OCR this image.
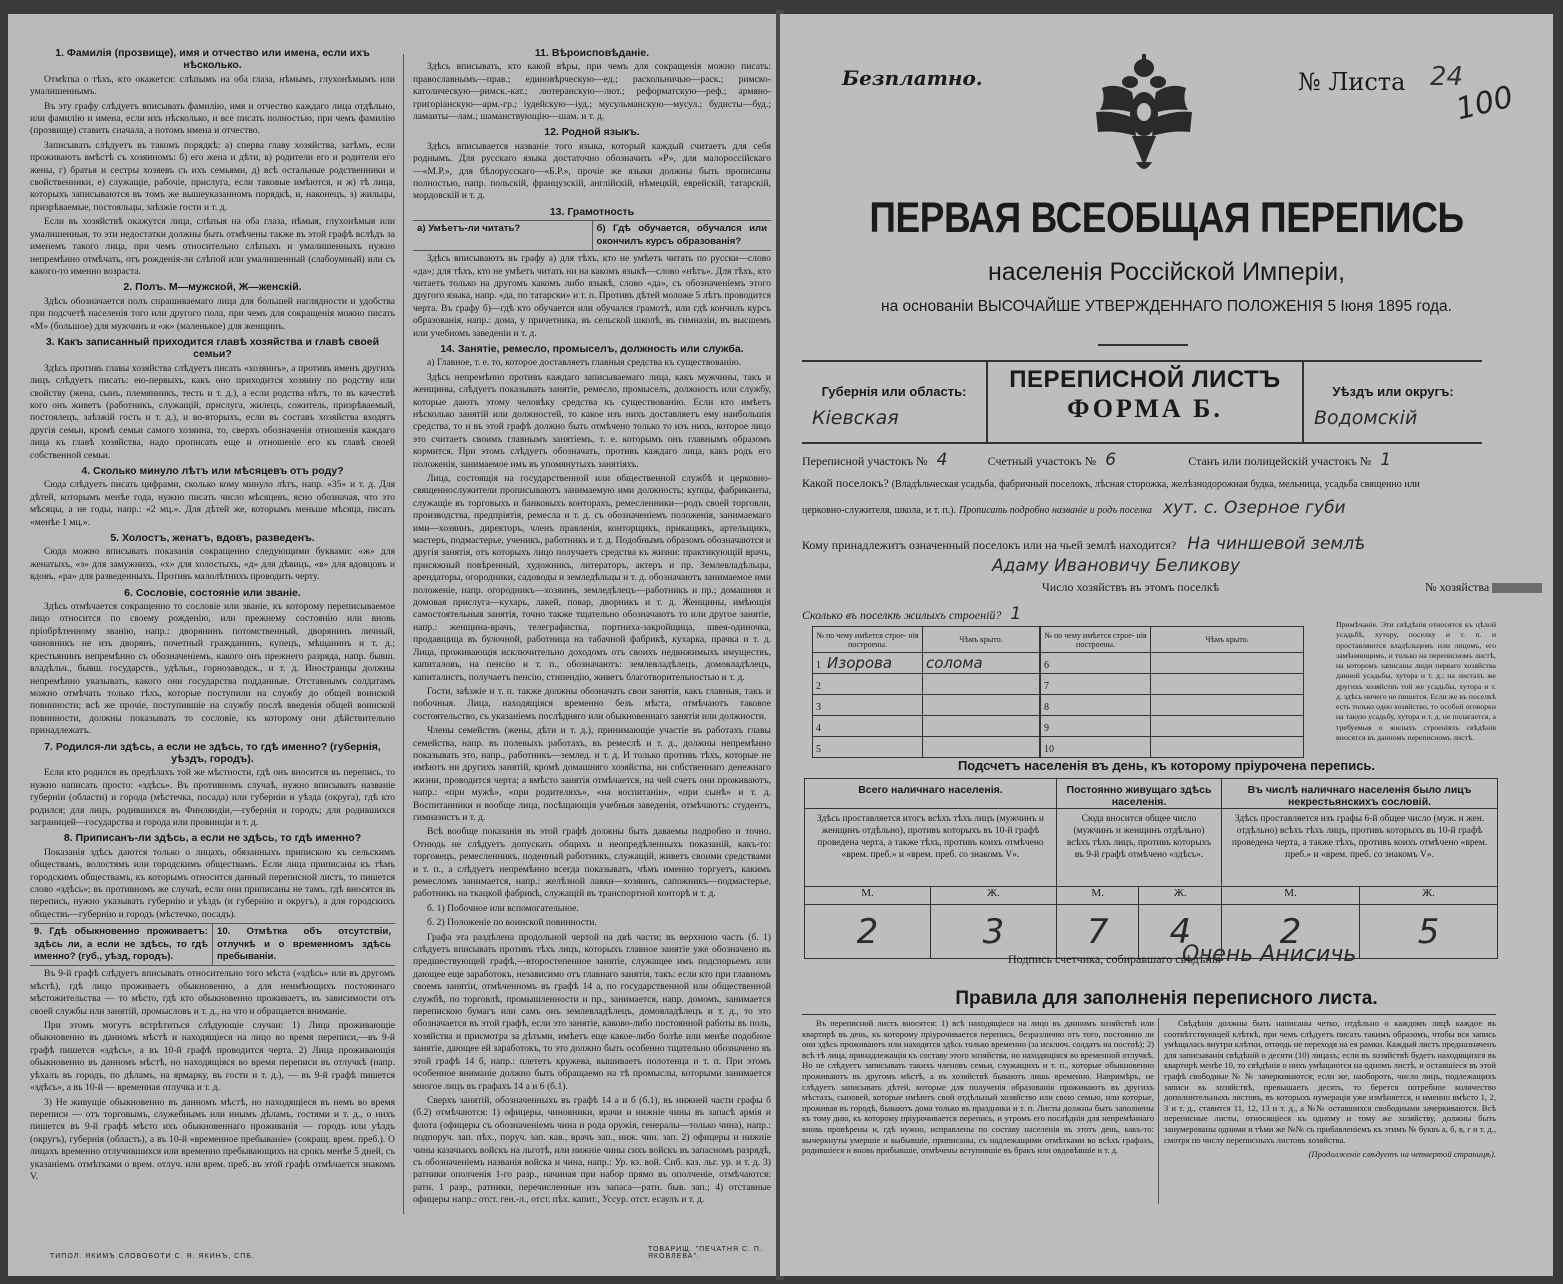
1. Фамилія (прозвище), имя и отчество или имена, если ихъ нѣсколько.
Отмѣтка о тѣхъ, кто окажется: слѣпымъ на оба глаза, нѣмымъ, глухонѣмымъ или умалишеннымъ.
Въ эту графу слѣдуетъ вписывать фамилію, имя и отчество каждаго лица отдѣльно, или фамилію и имена, если ихъ нѣсколько, и все писать полностью, при чемъ фамилію (прозвище) ставить сначала, а потомъ имена и отчество.
Записывать слѣдуетъ въ такомъ порядкѣ: а) сперва главу хозяйства, затѣмъ, если проживаютъ вмѣстѣ съ хозяиномъ: б) его жена и дѣти, в) родители его и родители его жены, г) братья и сестры хозяевъ съ ихъ семьями, д) всѣ остальные родственники и свойственники, е) служащіе, рабочіе, прислуга, если таковые имѣются, и ж) тѣ лица, которыхъ записываются въ томъ же вышеуказанномъ порядкѣ, и, наконецъ, з) жильцы, призрѣваемые, постояльцы, заѣзжіе гости и т. д.
Если въ хозяйствѣ окажутся лица, слѣпыя на оба глаза, нѣмыя, глухонѣмыя или умалишенныя, то эти недостатки должны быть отмѣчены также въ этой графѣ вслѣдъ за именемъ такого лица, при чемъ относительно слѣпыхъ и умалишенныхъ нужно непремѣнно отмѣчать, отъ рожденія-ли слѣпой или умалишенный (слабоумный) или съ какого-то именно возраста.
2. Полъ. М—мужской, Ж—женскій.
Здѣсь обозначается полъ спрашиваемаго лица для большей наглядности и удобства при подсчетѣ населенія того или другого пола, при чемъ для сокращенія можно писать «М» (большое) для мужчинъ и «ж» (маленькое) для женщинъ.
3. Какъ записанный приходится главѣ хозяйства и главѣ своей семьи?
Здѣсь противъ главы хозяйства слѣдуетъ писать «хозяинъ», а противъ именъ другихъ лицъ слѣдуетъ писать: ею-первыхъ, какъ оно приходится хозяину по родству или свойству (жена, сынъ, племянникъ, тесть и т. д.), а если родства нѣтъ, то въ качествѣ кого онъ живетъ (работникъ, служащій, прислуга, жилецъ, сожитель, призрѣваемый, постоялецъ, заѣзжій гость и т. д.), и во-вторыхъ, если въ составъ хозяйства входятъ другія семьи, кромѣ семьи самого хозяина, то, сверхъ обозначенія отношенія каждаго лица къ главѣ хозяйства, надо прописать еще и отношеніе его къ главѣ своей собственной семьи.
4. Сколько минуло лѣтъ или мѣсяцевъ отъ роду?
Сюда слѣдуетъ писать цифрами, сколько кому минуло лѣтъ, напр. «35» и т. д. Для дѣтей, которымъ менѣе года, нужно писать число мѣсяцевъ, ясно обозначая, что это мѣсяцы, а не годы, напр.: «2 мц.». Для дѣтей же, которымъ меньше мѣсяца, писать «менѣе 1 мц.».
5. Холостъ, женатъ, вдовъ, разведенъ.
Сюда можно вписывать показанія сокращенно следующими буквами: «ж» для женатыхъ, «з» для замужнихъ, «х» для холостыхъ, «д» для дѣвицъ, «в» для вдовцовъ и вдовъ, «ра» для разведенныхъ. Противъ малолѣтнихъ проводить черту.
6. Сословіе, состояніе или званіе.
Здѣсь отмѣчается сокращенно то сословіе или званіе, къ которому переписываемое лицо относится по своему рожденію, или прежнему состоянію или вновь пріобрѣтенному званію, напр.: дворянинъ потомственный, дворянинъ личный, чиновникъ не изъ дворянъ, почетный гражданинъ, купецъ, мѣщанинъ и т. д.; крестьянинъ непремѣнно съ обозначеніемъ, какого онъ прежнего разряда, напр. бывш. владѣльч., бывш. государств., удѣльн., горнозаводск., и т. д. Иностранцы должны непремѣнно указывать, какого они государства подданные. Отставнымъ солдатамъ можно отмѣчать только тѣхъ, которые поступили на службу до общей воинской повинности; всѣ же прочіе, поступившіе на службу послѣ введенія общей воинской повинности, должны показывать то сословіе, къ которому они дѣйствительно принадлежатъ.
7. Родился-ли здѣсь, а если не здѣсь, то гдѣ именно? (губернія, уѣздъ, городъ).
Если кто родился въ предѣлахъ той же мѣстности, гдѣ онъ вносится въ перепись, то нужно написать просто: «здѣсь». Въ противномъ случаѣ, нужно вписывать названіе губерніи (области) и города (мѣстечка, посада) или губерніи и уѣзда (округа), гдѣ кто родился; для лицъ, родившихся въ Финляндіи,—губернія и городъ; для родившихся заграницей—государства и города или провинціи и т. д.
8. Приписанъ-ли здѣсь, а если не здѣсь, то гдѣ именно?
Показанія здѣсь даются только о лицахъ, обязанныхъ припискою къ сельскимъ обществамъ, волостямъ или городскимъ обществамъ. Если лица приписаны къ тѣмъ городскимъ обществамъ, къ которымъ относится данный переписной листъ, то пишется слово «здѣсь»; въ противномъ же случаѣ, если они приписаны не тамъ, гдѣ вносятся въ перепись, нужно указывать губернію и уѣздъ (и губернію и округъ), а для городскихъ обществъ—губернію и городъ (мѣстечко, посадъ).
9. Гдѣ обыкновенно проживаетъ: здѣсь ли, а если не здѣсь, то гдѣ именно? (губ., уѣзд, городъ).
10. Отмѣтка объ отсутствіи, отлучкѣ и о временномъ здѣсь пребываніи.
Въ 9-й графѣ слѣдуетъ вписывать относительно того мѣста («здѣсь» или въ другомъ мѣстѣ), гдѣ лицо проживаетъ обыкновенно, а для неимѣющихъ постояннаго мѣстожительства — то мѣсто, гдѣ кто обыкновенно проживаетъ, въ зависимости отъ своей службы или занятій, промысловъ и т. д., на что и обращается вниманіе.
При этомъ могутъ встрѣтиться слѣдующіе случаи: 1) Лица проживающіе обыкновенно въ данномъ мѣстѣ и находящіеся на лицо во время переписи,—въ 9-й графѣ пишется «здѣсь», а въ 10-й графѣ проводится черта. 2) Лица проживающія обыкновенно въ данномъ мѣстѣ, но находящіяся во время переписи въ отлучкѣ (напр. уѣхалъ въ городъ, по дѣламъ, на ярмарку, въ гости и т. д.), — въ 9-й графѣ пишется «здѣсь», а въ 10-й — временная отлучка и т. д.
3) Не живущіе обыкновенно въ данномъ мѣстѣ, но находящіеся въ немъ во время переписи — отъ торговымъ, служебнымъ или инымъ дѣламъ, гостями и т. д., о нихъ пишется въ 9-й графѣ мѣсто ихъ обыкновеннаго проживанія — городъ или уѣздъ (округъ), губернія (область), а въ 10-й «временное пребываніе» (сокращ. врем. преб.). О лицахъ временно отлучившихся или временно пребывающихъ на срокъ менѣе 5 дней, съ указаніемъ отмѣтками о врем. отлуч. или врем. преб. въ этой графѣ отмѣчается знакомъ V.
11. Вѣроисповѣданіе.
Здѣсь вписывать, кто какой вѣры, при чемъ для сокращенія можно писать: православнымъ—прав.; единовѣрческую—ед.; раскольничью—раск.; римско-католическую—римск.-кат.; лютеранскую—лют.; реформатскую—реф.; армяно-григоріанскую—арм.-гр.; іудейскую—іуд.; мусульманскую—мусул.; будисты—буд.; ламаиты—лам.; шаманствующію—шам. и т. д.
12. Родной языкъ.
Здѣсь вписывается названіе того языка, который каждый считаетъ для себя роднымъ. Для русскаго языка достаточно обозначить «Р», для малороссійскаго—«М.Р.», для бѣлорусскаго—«Б.Р.», прочіе же языки должны быть прописаны полностью, напр. польскій, французскій, англійскій, нѣмецкій, еврейскій, татарскій, мордовскій и т. д.
13. Грамотность
а) Умѣетъ-ли читать?	б) Гдѣ обучается, обучался или окончилъ курсъ образованія?
Здѣсь вписываютъ въ графу а) для тѣхъ, кто не умѣетъ читать по русски—слово «да»; для тѣхъ, кто не умѣетъ читать ни на какомъ языкѣ—слово «нѣтъ». Для тѣхъ, кто читаетъ только на другомъ какомъ либо языкѣ, слово «да», съ обозначеніемъ этого другого языка, напр. «да, по татарски» и т. п. Противъ дѣтей моложе 5 лѣтъ проводится черта. Въ графу б)—гдѣ кто обучается или обучался грамотѣ, или гдѣ кончилъ курсъ образованія, напр.: дома, у причетника, въ сельской школѣ, въ гимназіи, въ высшемъ или учебномъ заведеніи и т. д.
14. Занятіе, ремесло, промыселъ, должность или служба.
а) Главное, т. е. то, которое доставляетъ главныя средства къ существованію.
Здѣсь непремѣнно противъ каждаго записываемаго лица, какъ мужчины, такъ и женщины, слѣдуетъ показывать занятіе, ремесло, промыселъ, должность или службу, которые даютъ этому человѣку средства къ существованію. Если кто имѣетъ нѣсколько занятій или должностей, то какое изъ нихъ доставляетъ ему наибольшія средства, то и въ этой графѣ должно быть отмѣчено только то изъ нихъ, которое лицо это считаетъ своимъ главнымъ занятіемъ, т. е. которымъ онъ главнымъ образомъ кормится. При этомъ слѣдуетъ обозначать, противъ каждаго лица, какъ родъ его положенія, занимаемое имъ въ упомянутыхъ занятіяхъ.
Лица, состоящія на государственной или общественной службѣ и церковно-священнослужители прописываютъ занимаемую ими должность; купцы, фабриканты, служащіе въ торговыхъ и банковыхъ конторахъ, ремесленники—родъ своей торговли, производства, предпріятія, ремесла и т. д. съ обозначеніемъ положенія, занимаемаго ими—хозяинъ, директоръ, членъ правленія, конторщикъ, прикащикъ, артельщикъ, мастеръ, подмастерье, ученикъ, работникъ и т. д. Подобнымъ образомъ обозначаются и другія занятія, отъ которыхъ лицо получаетъ средства къ жизни: практикующій врачъ, присяжный повѣренный, художникъ, литераторъ, актеръ и пр. Землевладѣльцы, арендаторы, огородники, садоводы и земледѣльцы и т. д. обозначаютъ занимаемое ими положеніе, напр. огородникъ—хозяинъ, земледѣлецъ—работникъ и пр.; домашняя и домовая прислуга—кухарь, лакей, повар, дворникъ и т. д. Женщины, имѣющія самостоятельныя занятія, точно также тщательно обозначаютъ то или другое занятіе, напр.: женщина-врачъ, телеграфистка, портниха-закройщица, швея-одиночка, продавщица въ булочной, работница на табачной фабрикѣ, кухарка, прачка и т. д. Лица, проживающія исключительно доходомъ отъ своихъ недвижимыхъ имуществъ, капиталовъ, на пенсію и т. п., обозначаютъ: землевладѣлецъ, домовладѣлецъ, капиталистъ, получаетъ пенсію, стипендію, живетъ благотворительностью и т. д.
Гости, заѣзжіе и т. п. также должны обозначать свои занятія, какъ главныя, такъ и побочныя. Лица, находящіяся временно безъ мѣста, отмѣчаютъ таковое состоятельство, съ указаніемъ послѣдняго или обыкновеннаго занятія или должности.
Члены семействъ (жены, дѣти и т. д.), принимающіе участіе въ работахъ главы семейства, напр. въ полевыхъ работахъ, въ ремеслѣ и т. д., должны непремѣнно показывать это, напр., работникъ—землед. и т. д. И только противъ тѣхъ, которые не имѣютъ ни другихъ занятій, кромѣ домашняго хозяйства, ни собственнаго денежнаго жизни, проводится черта; а вмѣсто занятія отмѣчается, на чей счетъ они проживаютъ, напр.: «при мужѣ», «при родителяхъ», «на воспитаніи», «при сынѣ» и т. д. Воспитанники и вообще лица, посѣщающія учебныя заведенія, отмѣчаютъ: студентъ, гимназистъ и т. д.
Всѣ вообще показанія въ этой графѣ должны быть даваемы подробно и точно. Отнюдь не слѣдуетъ допускать общихъ и неопредѣленныхъ показаній, какъ-то: торговецъ, ремесленникъ, поденный работникъ, служащій, живетъ своими средствами и т. п., а слѣдуетъ непремѣнно всегда показывать, чѣмъ именно торгуетъ, какимъ ремесломъ занимается, напр.: желѣзной лавки—хозяинъ, сапожникъ—подмастерье, работникъ на ткацкой фабрикѣ, служащій въ транспортной конторѣ и т. д.
б. 1) Побочное или вспомогательное.
б. 2) Положеніе по воинской повинности.
Графа эта раздѣлена продольной чертой на двѣ части; въ верхнюю часть (б. 1) слѣдуетъ вписывать противъ тѣхъ лицъ, которыхъ главное занятіе уже обозначено въ предшествующей графѣ,—второстепенное занятіе, служащее имъ подспорьемъ или дающее еще заработокъ, независимо отъ главнаго занятія, такъ: если кто при главномъ своемъ занятіи, отмѣченномъ въ графѣ 14 а, по государственной или общественной службѣ, по торговлѣ, промышленности и пр., занимается, напр. домомъ, занимается перепискою бумагъ или самъ онъ землевладѣлецъ, домовладѣлецъ и т. д., то это обозначается въ этой графѣ, если это занятіе, каково-либо постоянной работы въ поль, хозяйства и присмотра за дѣтьми, имѣетъ еще какое-либо болѣе или менѣе подобное занятіе, дающее ей заработокъ, то это должно быть особенно тщательно обозначено въ этой графѣ 14 б, напр.: плететъ кружева, вышиваетъ полотенца и т. п. При этомъ особенное вниманіе должно быть обращаемо на тѣ промыслы, которыми занимается многое лицъ въ графахъ 14 а и 6 (б.1).
Сверхъ занятій, обозначенныхъ въ графѣ 14 а и б (б.1), въ нижней части графы б (б.2) отмѣчаются: 1) офицеры, чиновники, врачи и нижніе чины въ запасѣ армія и флота (офицеры съ обозначеніемъ чина и рода оружія, генералы—только чина), напр.: подпоруч. зап. пѣх., поруч. зап. кав., врачъ зап., ниж. чин. зап. 2) офицеры и нижніе чины казачьихъ войскъ на льготѣ, или нижніе чины сихъ войскъ въ запасномъ разрядѣ, съ обозначеніемъ названія войска и чина, напр.: Ур. кз. вой. Сиб. каз. льг. ур. и т. д. 3) ратники ополченія 1-го разр., начиная при набор прямо въ ополченіе, отмѣчаются: ратн. 1 разр., ратники, перечисленные изъ запаса—ратн. быв. зап.; 4) отставные офицеры напр.: отст. ген.-л., отст. пѣх. капит., Уссур. отст. есаулъ и т. д.
ТИПОЛ. ЯКИМЪ СЛОВОБОТИ С. Я. ЯКИНЪ, СПБ.
ТОВАРИЩ. "ПЕЧАТНЯ С. П. ЯКОВЛЕВА".
Безплатно.	№ Листа 24
100
ПЕРВАЯ ВСЕОБЩАЯ ПЕРЕПИСЬ
населенія Россійской Имперіи,
на основаніи ВЫСОЧАЙШЕ УТВЕРЖДЕННАГО ПОЛОЖЕНІЯ 5 Іюня 1895 года.
Губернія или область:
Кіевская
ПЕРЕПИСНОЙ ЛИСТЪ
ФОРМА Б.
Уѣздъ или округъ:
Водомскій
Переписной участокъ № 4	Счетный участокъ № 6	Станъ или полицейскій участокъ № 1
Какой поселокъ? (Владѣльческая усадьба, фабричный поселокъ, лѣсная сторожка, желѣзнодорожная будка, мельница, усадьба священно или
церковно-служителя, школа, и т. п.). Прописать подробно названіе и родъ поселка хут. с. Озерное губи
Кому принадлежитъ означенный поселокъ или на чьей землѣ находится? На чиншевой землѣ
Адаму Ивановичу Беликову
Число хозяйствъ въ этомъ поселкѣ	№ хозяйства
Сколько въ поселкѣ жилыхъ строеній? 1
№ по чему имѣется строе- нія построены.	Чѣмъ крыто.
1 Изорова	солома
2	
3	
4	
5	
№ по чему имѣется строе- нія построены.	Чѣмъ крыто.
6	
7	
8	
9	
10	
Примѣчаніе. Эти свѣдѣнія относятся къ цѣлой усадьбѣ, хутору, поселку и т. п. и проставляются владѣльцемъ или лицомъ, его замѣняющимъ, и только на переписномъ листѣ, на которомъ записаны люди перваго хозяйства данной усадьбы, хутора и т. д.; на листахъ же другихъ хозяйствъ той же усадьбы, хутора и т. д. здѣсь ничего не пишется. Если же въ поселкѣ есть только одно хозяйство, то особой оговорки на такую усадьбу, хутора и т. д. не полагается, а требуемыя о жилыхъ строеніяхъ свѣдѣнія вносятся въ данномъ переписномъ листѣ.
Подсчетъ населенія въ день, къ которому пріурочена перепись.
Всего наличнаго населенія.		Постоянно живущаго здѣсь населенія.		Въ числѣ наличнаго населенія было лицъ некрестьянскихъ сословій.	
Здѣсь проставляется итогъ всѣхъ тѣхъ лицъ (мужчинъ и женщинъ отдѣльно), противъ которыхъ въ 10-й графѣ проведена черта, а также тѣхъ, противъ коихъ отмѣчено «врем. преб.» и «врем. преб. со знакомъ V».		Сюда вносится общее число (мужчинъ и женщинъ отдѣльно) всѣхъ тѣхъ лицъ, противъ которыхъ въ 9-й графѣ отмѣчено «здѣсь».		Здѣсь проставляется изъ графы 6-й общее число (муж. и жен. отдѣльно) всѣхъ тѣхъ лицъ, противъ которыхъ въ 10-й графѣ проведена черта, а также тѣхъ, противъ коихъ отмѣчено «врем. преб.» и «врем. преб. со знакомъ V».	
М.	Ж.	М.	Ж.	М.	Ж.
2	3	7	4	2	5
Подпись счетчика, собиравшаго свѣдѣнія
Очень Анисичь
Правила для заполненія переписного листа.
Въ переписной листъ вносятся: 1) всѣ находящіеся на лицо въ данномъ хозяйствѣ или квартирѣ въ день, къ которому пріурочивается перепись, безразлично отъ того, постоянно ли они здѣсь проживаютъ или находятся здѣсь только временно (за исключ. солдатъ на постоѣ); 2) всѣ тѣ лица, принадлежащія къ составу этого хозяйства, но находящіяся во временной отлучкѣ. Но не слѣдуетъ записывать такихъ членовъ семьи, служащихъ и т. п., которые обыкновенно проживаютъ въ другомъ мѣстѣ, а въ хозяйствѣ бываютъ лишь временно. Напримѣръ, не слѣдуетъ записывать дѣтей, которые для полученія образованія проживаютъ въ другихъ мѣстахъ, сыновей, которые имѣютъ свой отдѣльный хозяйство или свою семью, или которые, проживая въ городѣ, бываютъ дома только въ праздники и т. п. Листы должны быть заполнены къ тому дню, къ которому пріурочивается перепись, и утромъ его послѣднія для непремѣннаго вновь провѣрены и, гдѣ нужно, исправлены по составу населенія въ этотъ день, какъ-то: вычеркнуты умершіе и выбывшіе, приписаны, съ надлежащими отмѣтками во всѣхъ графахъ, родившіеся и вновь прибывшіе, отмѣчены вступившіе въ бракъ или овдовѣвшіе и т. д.
Свѣдѣнія должны быть написаны четко, отдѣльно о каждомъ лицѣ каждое въ соотвѣтствующей клѣткѣ, при чемъ слѣдуетъ писать такимъ образомъ, чтобы вся запись умѣщалась внутри клѣтки, отнюдь не переходя на ея рамки. Каждый листъ предназначенъ для записыванія свѣдѣній о десяти (10) лицахъ; если въ хозяйствѣ будетъ находящихся въ квартирѣ менѣе 10, то свѣдѣнія о нихъ умѣщаются на одномъ листѣ, и оставшіеся въ этой графѣ свободные № № зачеркиваются; если же, наоборотъ, число лицъ, подлежащихъ записи въ хозяйствѣ, превышаетъ десять, то берется потребное количество дополнительныхъ листовъ, въ которыхъ нумерація уже измѣняется, и именно вмѣсто 1, 2, 3 и т. д., ставится 11, 12, 13 и т. д., а №№ оставшихся свободными зачеркиваются. Всѣ переписные листы, относящіеся къ одному и тому же хозяйству, должны быть занумерованы одними и тѣми же №№ съ прибавленіемъ къ этимъ № буквъ а, б, в, г и т. д., смотря по числу переписныхъ листовъ хозяйства.
(Продолженіе слѣдуетъ на четвертой страницѣ).
